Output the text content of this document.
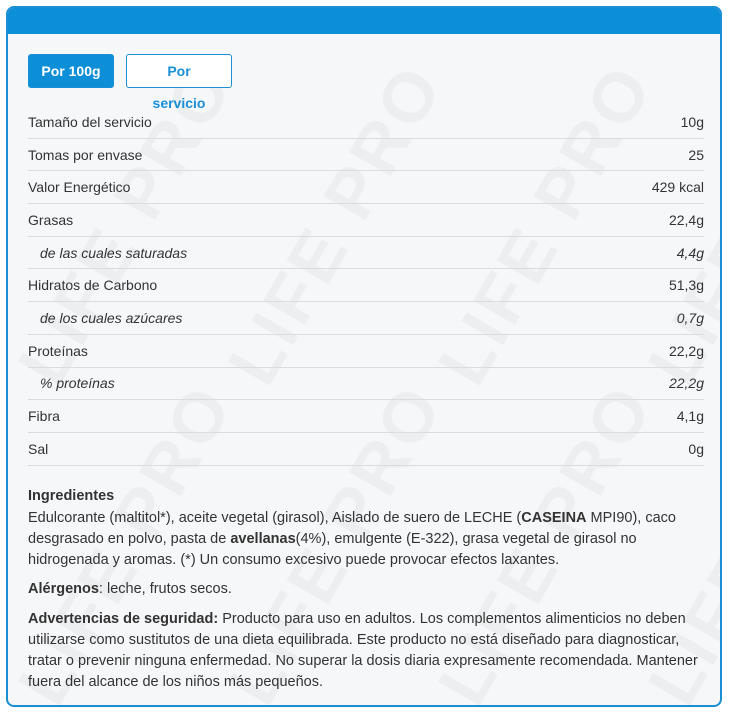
Por 100g	Por servicio
Tamaño del servicio	10g
Tomas por envase	25
Valor Energético	429 kcal
Grasas	22,4g
de las cuales saturadas	4,4g
Hidratos de Carbono	51,3g
de los cuales azúcares	0,7g
Proteínas	22,2g
% proteínas	22,2g
Fibra	4,1g
Sal	0g
Ingredientes
Edulcorante (maltitol*), aceite vegetal (girasol), Aislado de suero de LECHE (CASEINA MPI90), caco desgrasado en polvo, pasta de avellanas(4%), emulgente (E-322), grasa vegetal de girasol no hidrogenada y aromas. (*) Un consumo excesivo puede provocar efectos laxantes.
Alérgenos: leche, frutos secos.
Advertencias de seguridad: Producto para uso en adultos. Los complementos alimenticios no deben utilizarse como sustitutos de una dieta equilibrada. Este producto no está diseñado para diagnosticar, tratar o prevenir ninguna enfermedad. No superar la dosis diaria expresamente recomendada. Mantener fuera del alcance de los niños más pequeños.
